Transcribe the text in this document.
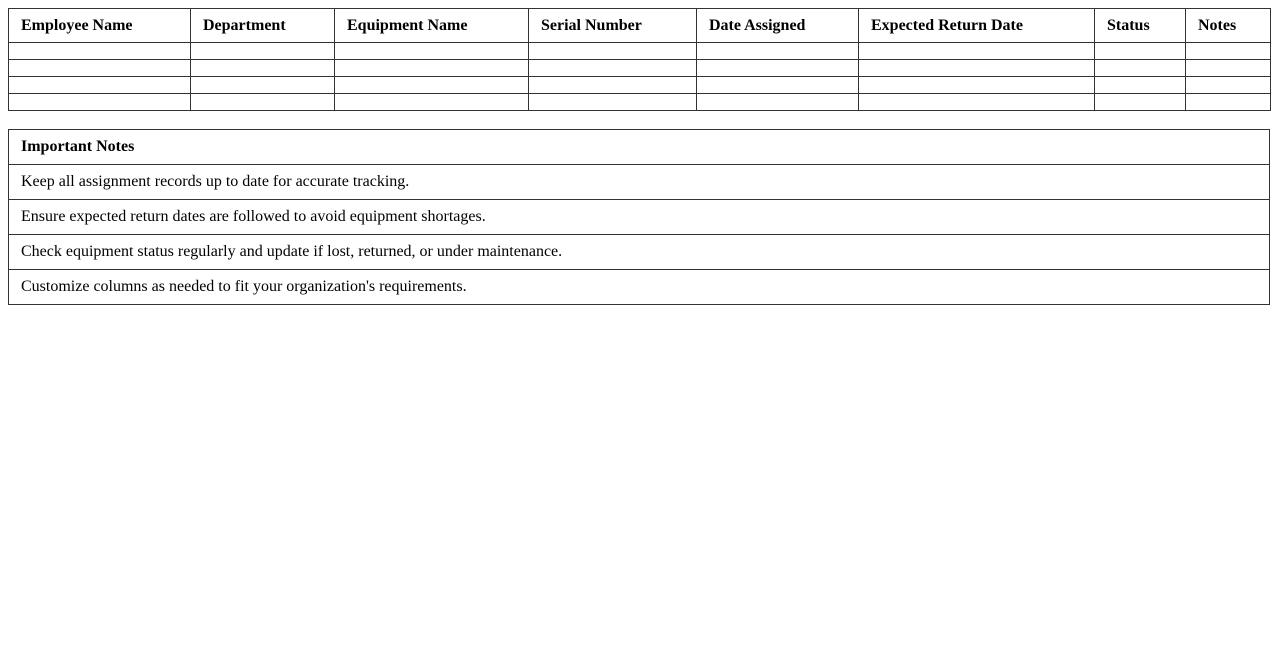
Employee Name	Department	Equipment Name	Serial Number	Date Assigned	Expected Return Date	Status	Notes

Important Notes
Keep all assignment records up to date for accurate tracking.
Ensure expected return dates are followed to avoid equipment shortages.
Check equipment status regularly and update if lost, returned, or under maintenance.
Customize columns as needed to fit your organization's requirements.
